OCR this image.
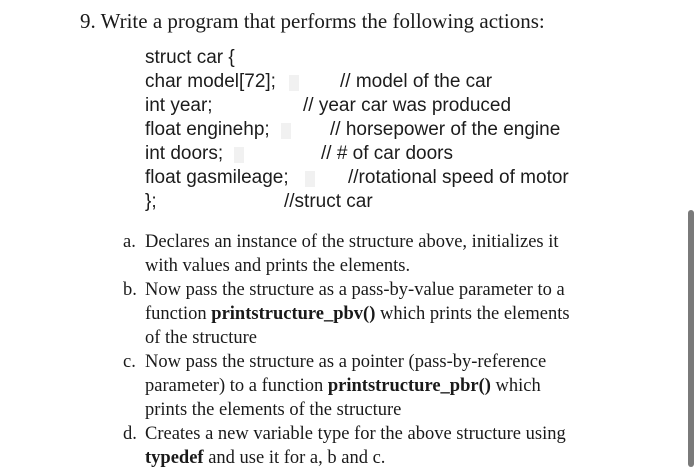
9. Write a program that performs the following actions:
struct car {
char model[72];	// model of the car
int year;	// year car was produced
float enginehp;	// horsepower of the engine
int doors;	// # of car doors
float gasmileage;	//rotational speed of motor
};	//struct car
a. Declares an instance of the structure above, initializes it
with values and prints the elements.
b. Now pass the structure as a pass-by-value parameter to a
function printstructure_pbv() which prints the elements
of the structure
c. Now pass the structure as a pointer (pass-by-reference
parameter) to a function printstructure_pbr() which
prints the elements of the structure
d. Creates a new variable type for the above structure using
typedef and use it for a, b and c.
